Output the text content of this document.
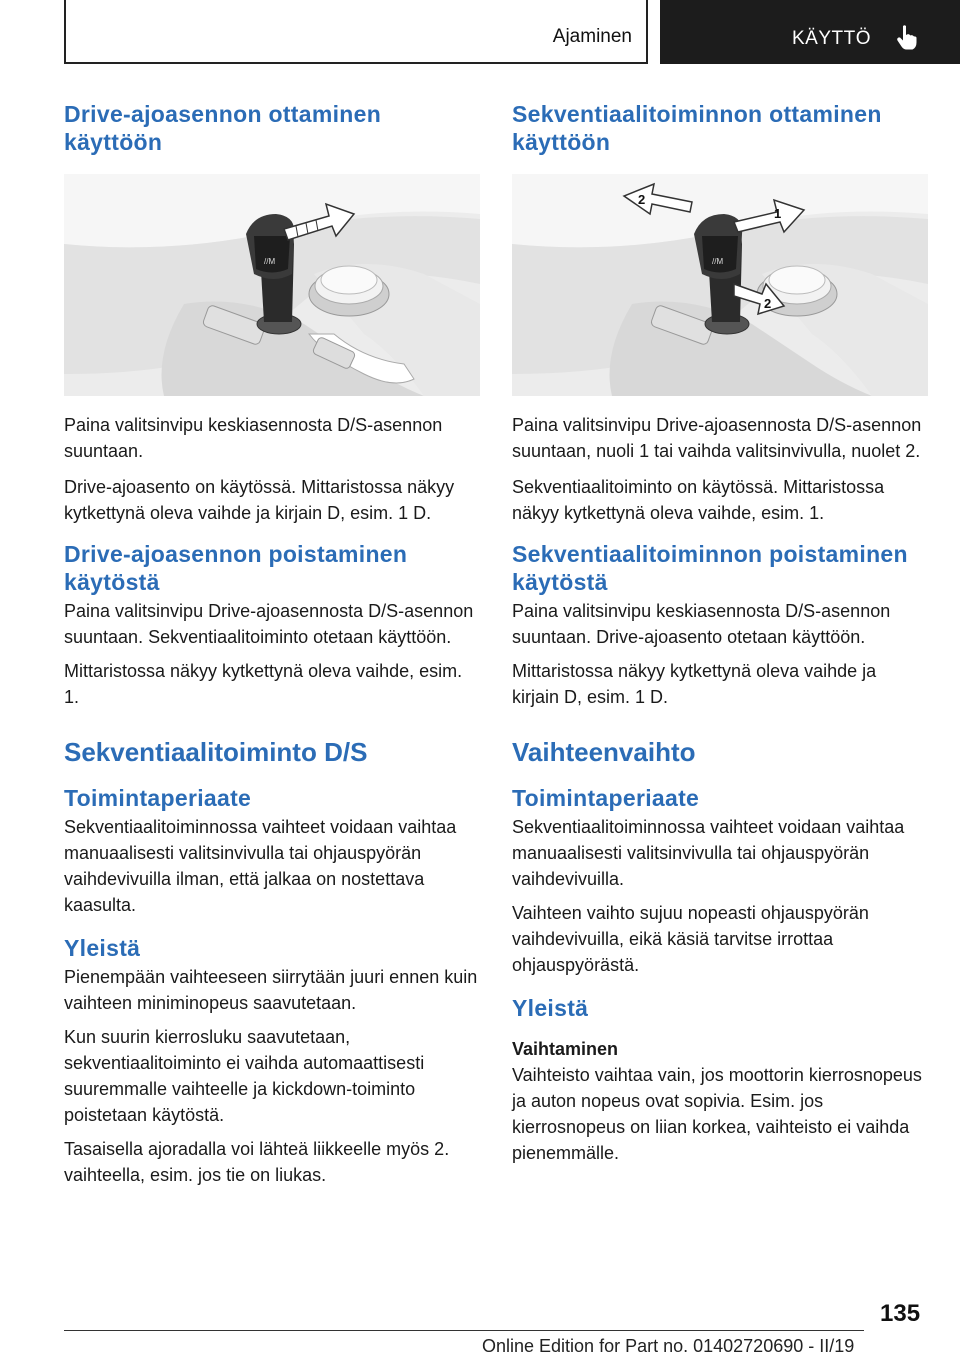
Ajaminen	KÄYTTÖ
Drive-ajoasennon ottaminen käyttöön
//M

Paina valitsinvipu keskiasennosta D/S-asennon suuntaan.

Drive-ajoasento on käytössä. Mittaristossa näkyy kytkettynä oleva vaihde ja kirjain D, esim. 1 D.

Drive-ajoasennon poistaminen käytöstä

Paina valitsinvipu Drive-ajoasennosta D/S-asennon suuntaan. Sekventiaalitoiminto otetaan käyttöön.

Mittaristossa näkyy kytkettynä oleva vaihde, esim. 1.

Sekventiaalitoiminto D/S
Toimintaperiaate

Sekventiaalitoiminnossa vaihteet voidaan vaihtaa manuaalisesti valitsinvivulla tai ohjauspyörän vaihdevivuilla ilman, että jalkaa on nostettava kaasulta.

Yleistä

Pienempään vaihteeseen siirrytään juuri ennen kuin vaihteen miniminopeus saavutetaan.

Kun suurin kierrosluku saavutetaan, sekventiaalitoiminto ei vaihda automaattisesti suuremmalle vaihteelle ja kickdown-toiminto poistetaan käytöstä.

Tasaisella ajoradalla voi lähteä liikkeelle myös 2. vaihteella, esim. jos tie on liukas.

Sekventiaalitoiminnon ottaminen käyttöön
//M
2
1
2

Paina valitsinvipu Drive-ajoasennosta D/S-asennon suuntaan, nuoli 1 tai vaihda valitsinvivulla, nuolet 2.

Sekventiaalitoiminto on käytössä. Mittaristossa näkyy kytkettynä oleva vaihde, esim. 1.

Sekventiaalitoiminnon poistaminen käytöstä

Paina valitsinvipu keskiasennosta D/S-asennon suuntaan. Drive-ajoasento otetaan käyttöön.

Mittaristossa näkyy kytkettynä oleva vaihde ja kirjain D, esim. 1 D.

Vaihteenvaihto
Toimintaperiaate

Sekventiaalitoiminnossa vaihteet voidaan vaihtaa manuaalisesti valitsinvivulla tai ohjauspyörän vaihdevivuilla.

Vaihteen vaihto sujuu nopeasti ohjauspyörän vaihdevivuilla, eikä käsiä tarvitse irrottaa ohjauspyörästä.

Yleistä
Vaihtaminen

Vaihteisto vaihtaa vain, jos moottorin kierrosnopeus ja auton nopeus ovat sopivia. Esim. jos kierrosnopeus on liian korkea, vaihteisto ei vaihda pienemmälle.

135
Online Edition for Part no. 01402720690 - II/19
